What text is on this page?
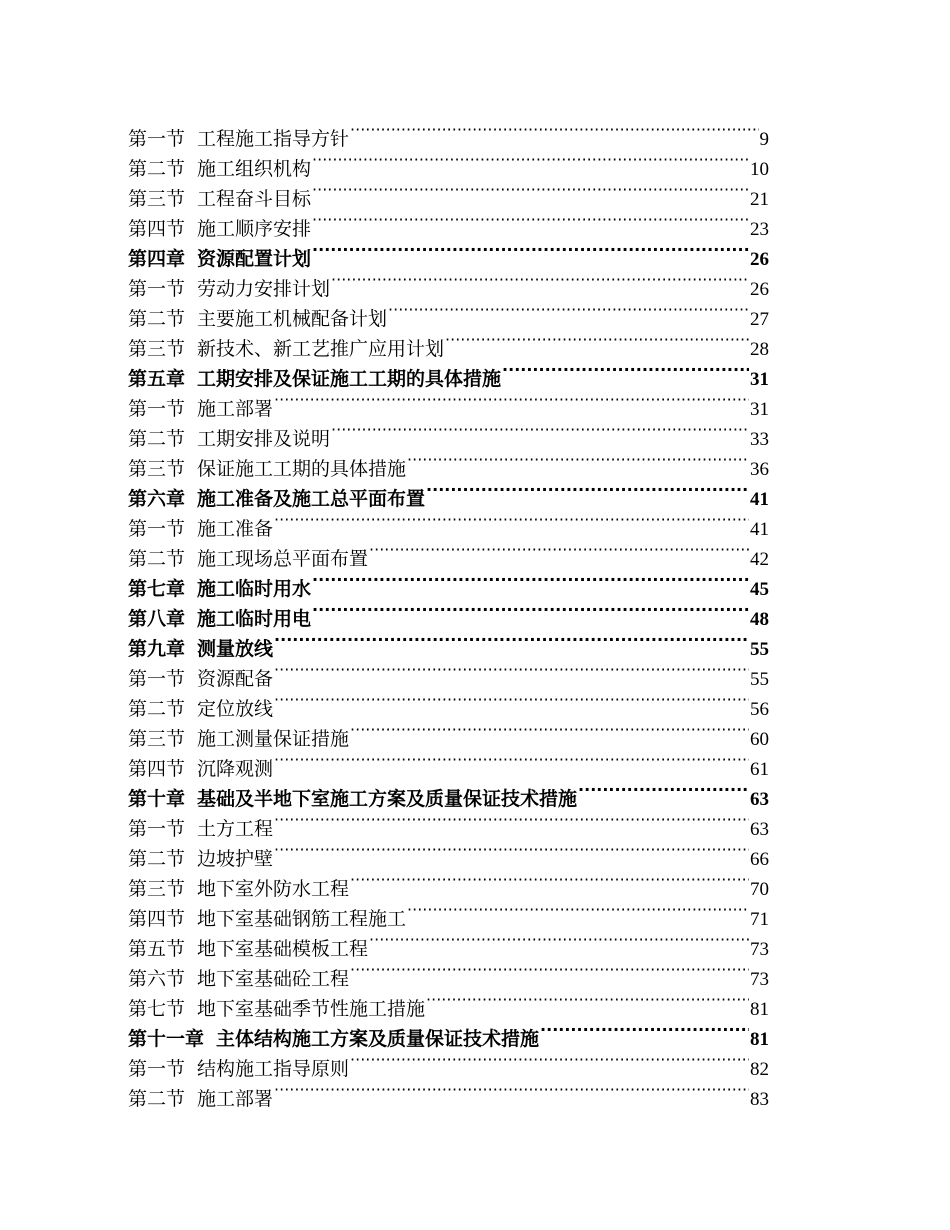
第一节 工程施工指导方针 ·····	9
第二节 施工组织机构 ·····	10
第三节 工程奋斗目标 ·····	21
第四节 施工顺序安排 ·····	23
第四章 资源配置计划 ·····	26
第一节 劳动力安排计划 ·····	26
第二节 主要施工机械配备计划 ·····	27
第三节 新技术、新工艺推广应用计划 ·····	28
第五章 工期安排及保证施工工期的具体措施 ·····	31
第一节 施工部署 ·····	31
第二节 工期安排及说明 ·····	33
第三节 保证施工工期的具体措施 ·····	36
第六章 施工准备及施工总平面布置 ·····	41
第一节 施工准备 ·····	41
第二节 施工现场总平面布置 ·····	42
第七章 施工临时用水 ·····	45
第八章 施工临时用电 ·····	48
第九章 测量放线 ·····	55
第一节 资源配备 ·····	55
第二节 定位放线 ·····	56
第三节 施工测量保证措施 ·····	60
第四节 沉降观测 ·····	61
第十章 基础及半地下室施工方案及质量保证技术措施 ·····	63
第一节 土方工程 ·····	63
第二节 边坡护壁 ·····	66
第三节 地下室外防水工程 ·····	70
第四节 地下室基础钢筋工程施工 ·····	71
第五节 地下室基础模板工程 ·····	73
第六节 地下室基础砼工程 ·····	73
第七节 地下室基础季节性施工措施 ·····	81
第十一章 主体结构施工方案及质量保证技术措施 ·····	81
第一节 结构施工指导原则 ·····	82
第二节 施工部署 ·····	83
